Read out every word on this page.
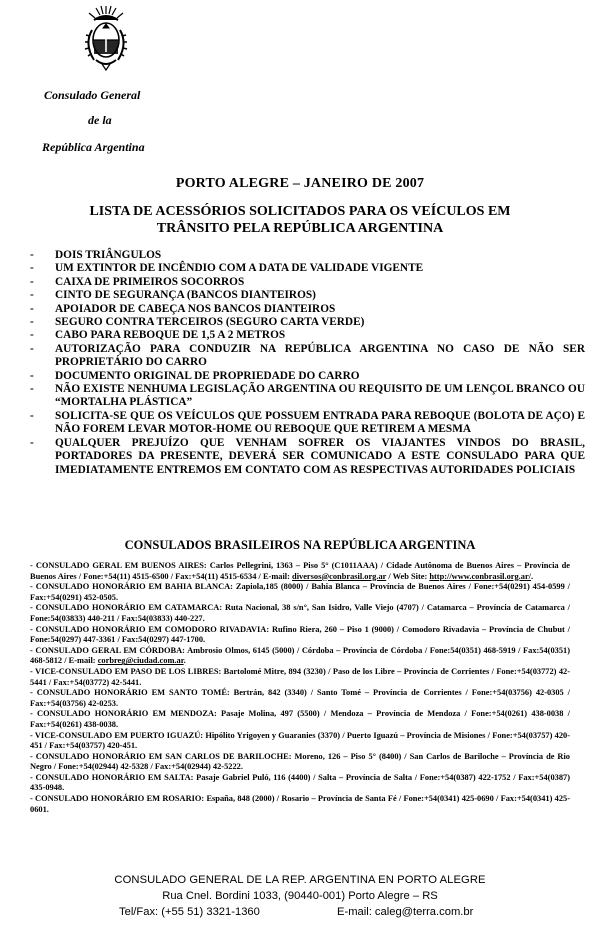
Consulado General
de la
República Argentina
PORTO ALEGRE – JANEIRO DE 2007
LISTA DE ACESSÓRIOS SOLICITADOS PARA OS VEÍCULOS EM TRÂNSITO PELA REPÚBLICA ARGENTINA
- DOIS TRIÂNGULOS
- UM EXTINTOR DE INCÊNDIO COM A DATA DE VALIDADE VIGENTE
- CAIXA DE PRIMEIROS SOCORROS
- CINTO DE SEGURANÇA (BANCOS DIANTEIROS)
- APOIADOR DE CABEÇA NOS BANCOS DIANTEIROS
- SEGURO CONTRA TERCEIROS (SEGURO CARTA VERDE)
- CABO PARA REBOQUE DE 1,5 A 2 METROS
- AUTORIZAÇÃO PARA CONDUZIR NA REPÚBLICA ARGENTINA NO CASO DE NÃO SER PROPRIETÁRIO DO CARRO
- DOCUMENTO ORIGINAL DE PROPRIEDADE DO CARRO
- NÃO EXISTE NENHUMA LEGISLAÇÃO ARGENTINA OU REQUISITO DE UM LENÇOL BRANCO OU “MORTALHA PLÁSTICA”
- SOLICITA-SE QUE OS VEÍCULOS QUE POSSUEM ENTRADA PARA REBOQUE (BOLOTA DE AÇO) E NÃO FOREM LEVAR MOTOR-HOME OU REBOQUE QUE RETIREM A MESMA
- QUALQUER PREJUÍZO QUE VENHAM SOFRER OS VIAJANTES VINDOS DO BRASIL, PORTADORES DA PRESENTE, DEVERÁ SER COMUNICADO A ESTE CONSULADO PARA QUE IMEDIATAMENTE ENTREMOS EM CONTATO COM AS RESPECTIVAS AUTORIDADES POLICIAIS
CONSULADOS BRASILEIROS NA REPÚBLICA ARGENTINA
- CONSULADO GERAL EM BUENOS AIRES: Carlos Pellegrini, 1363 – Piso 5° (C1011AAA) / Cidade Autônoma de Buenos Aires – Província de Buenos Aires / Fone:+54(11) 4515-6500 / Fax:+54(11) 4515-6534 / E-mail: diversos@conbrasil.org.ar / Web Site: http://www.conbrasil.org.ar/.
- CONSULADO HONORÁRIO EM BAHIA BLANCA: Zapiola,185 (8000) / Bahia Blanca – Província de Buenos Aires / Fone:+54(0291) 454-0599 / Fax:+54(0291) 452-0505.
- CONSULADO HONORÁRIO EM CATAMARCA: Ruta Nacional, 38 s/n°, San Isidro, Valle Viejo (4707) / Catamarca – Província de Catamarca / Fone:54(03833) 440-211 / Fax:54(03833) 440-227.
- CONSULADO HONORÁRIO EM COMODORO RIVADAVIA: Rufino Riera, 260 – Piso 1 (9000) / Comodoro Rivadavia – Província de Chubut / Fone:54(0297) 447-3361 / Fax:54(0297) 447-1700.
- CONSULADO GERAL EM CÓRDOBA: Ambrosio Olmos, 6145 (5000) / Córdoba – Província de Córdoba / Fone:54(0351) 468-5919 / Fax:54(0351) 468-5812 / E-mail: corbreg@ciudad.com.ar.
- VICE-CONSULADO EM PASO DE LOS LIBRES: Bartolomé Mitre, 894 (3230) / Paso de los Libre – Província de Corrientes / Fone:+54(03772) 42-5441 / Fax:+54(03772) 42-5441.
- CONSULADO HONORÁRIO EM SANTO TOMÉ: Bertrán, 842 (3340) / Santo Tomé – Província de Corrientes / Fone:+54(03756) 42-0305 / Fax:+54(03756) 42-0253.
- CONSULADO HONORÁRIO EM MENDOZA: Pasaje Molina, 497 (5500) / Mendoza – Província de Mendoza / Fone:+54(0261) 438-0038 / Fax:+54(0261) 438-0038.
- VICE-CONSULADO EM PUERTO IGUAZÚ: Hipólito Yrigoyen y Guaranies (3370) / Puerto Iguazú – Província de Misiones / Fone:+54(03757) 420-451 / Fax:+54(03757) 420-451.
- CONSULADO HONORÁRIO EM SAN CARLOS DE BARILOCHE: Moreno, 126 – Piso 5° (8400) / San Carlos de Bariloche – Província de Rio Negro / Fone:+54(02944) 42-5328 / Fax:+54(02944) 42-5222.
- CONSULADO HONORÁRIO EM SALTA: Pasaje Gabriel Puló, 116 (4400) / Salta – Província de Salta / Fone:+54(0387) 422-1752 / Fax:+54(0387) 435-0948.
- CONSULADO HONORÁRIO EM ROSARIO: España, 848 (2000) / Rosario – Província de Santa Fé / Fone:+54(0341) 425-0690 / Fax:+54(0341) 425-0601.
CONSULADO GENERAL DE LA REP. ARGENTINA EN PORTO ALEGRE
Rua Cnel. Bordini 1033, (90440-001) Porto Alegre – RS
Tel/Fax: (+55 51) 3321-1360	E-mail: caleg@terra.com.br
